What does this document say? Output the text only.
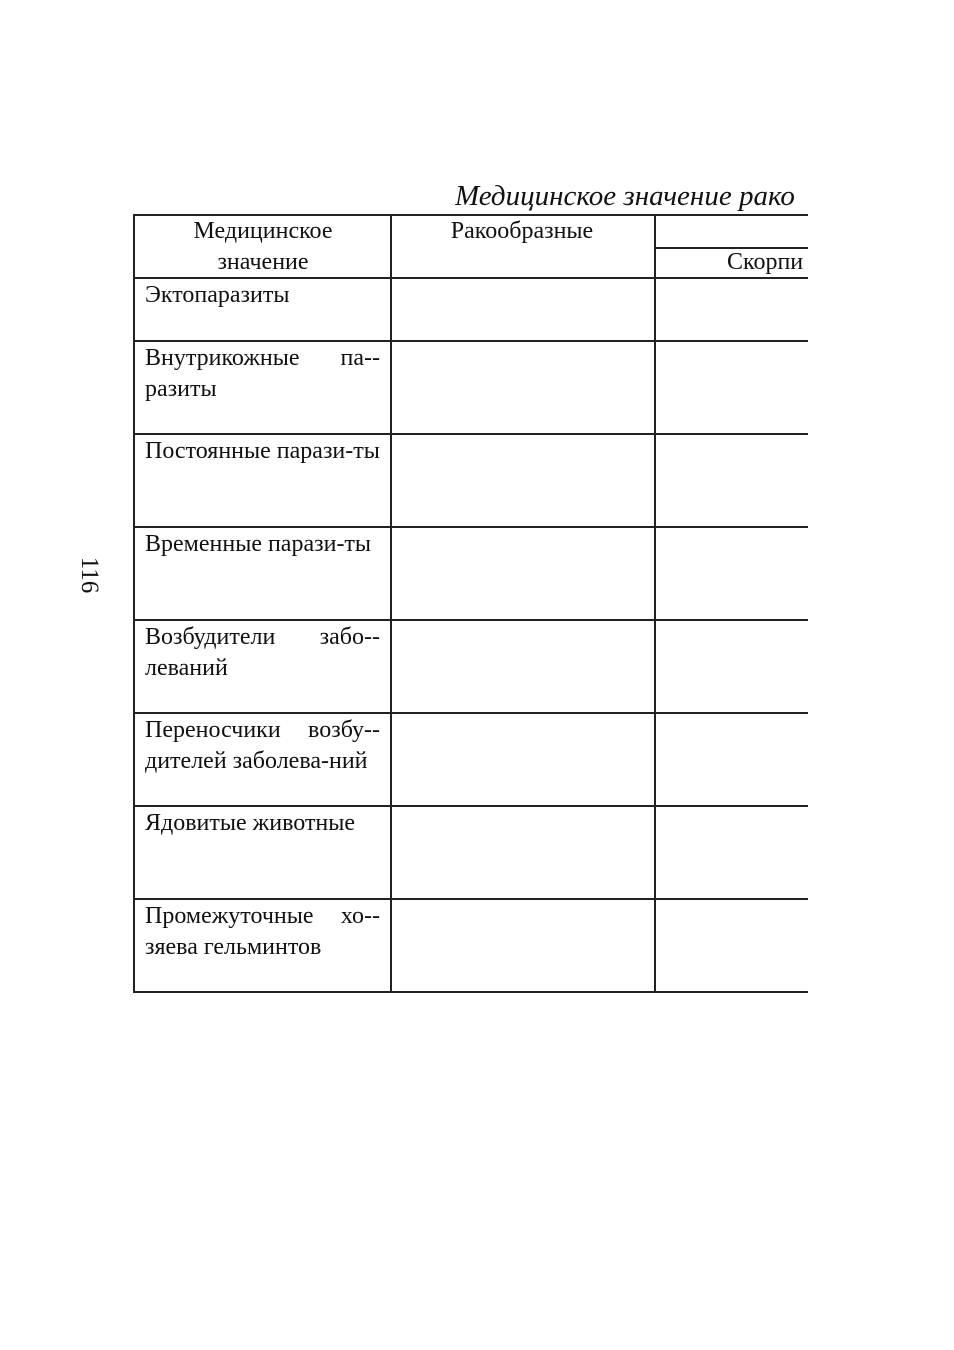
116
Медицинское значение рако
Медицинское значение
Ракообразные
Скорпи
Эктопаразиты
Внутрикожные па-разиты
Постоянные парази-ты
Временные парази-ты
Возбудители забо-леваний
Переносчики возбу-дителей заболева-ний
Ядовитые животные
Промежуточные хо-зяева гельминтов
